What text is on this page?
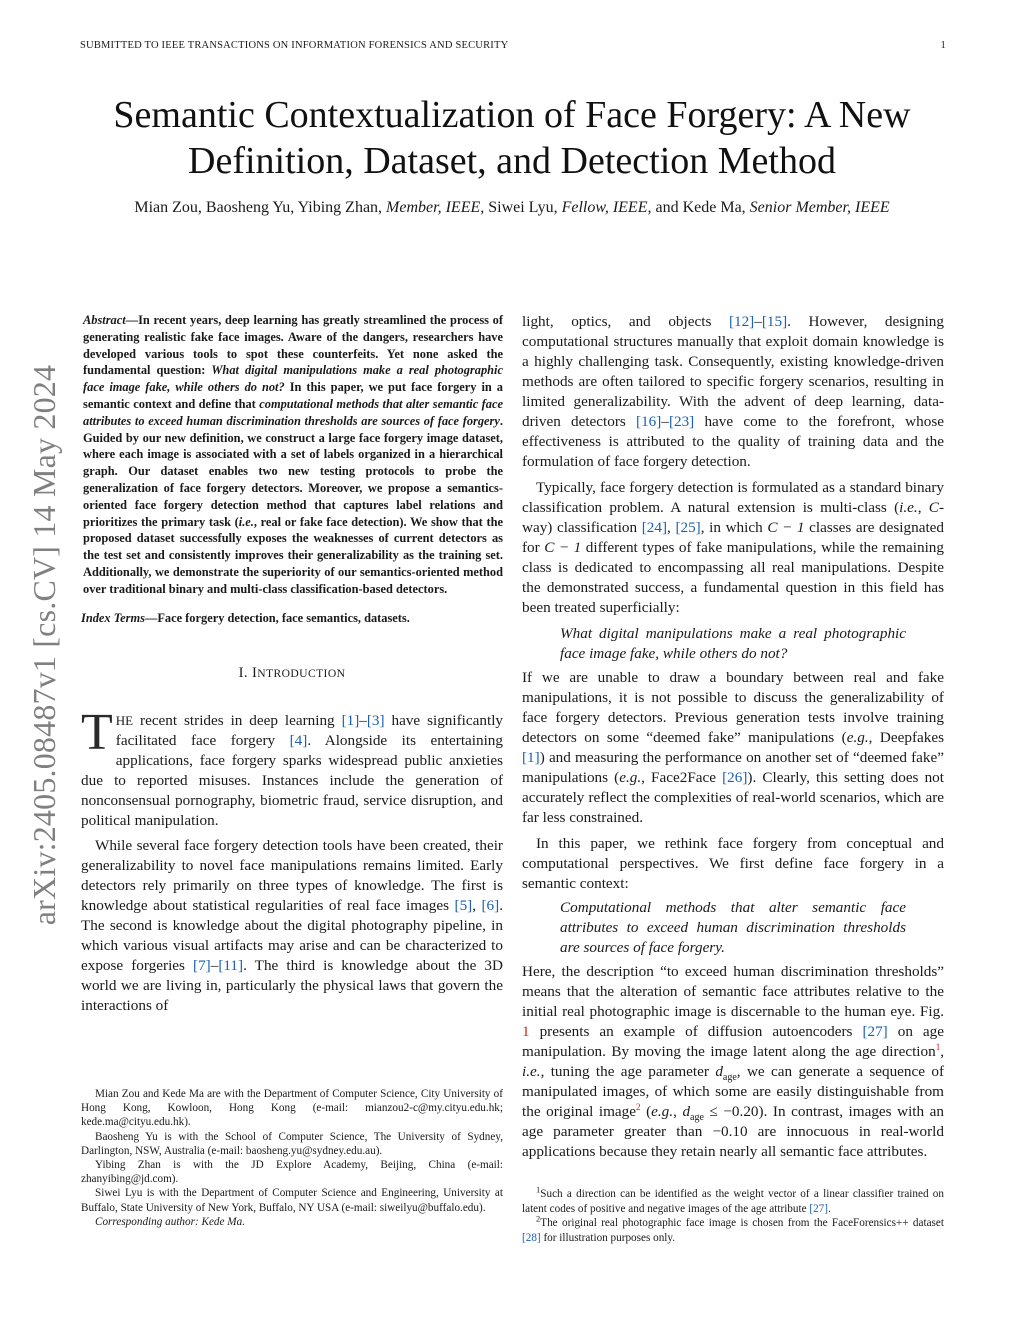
SUBMITTED TO IEEE TRANSACTIONS ON INFORMATION FORENSICS AND SECURITY	1
arXiv:2405.08487v1 [cs.CV] 14 May 2024
Semantic Contextualization of Face Forgery: A New
Definition, Dataset, and Detection Method
Mian Zou, Baosheng Yu, Yibing Zhan, Member, IEEE, Siwei Lyu, Fellow, IEEE, and Kede Ma, Senior Member, IEEE
Abstract—In recent years, deep learning has greatly streamlined the process of generating realistic fake face images. Aware of the dangers, researchers have developed various tools to spot these counterfeits. Yet none asked the fundamental question: What digital manipulations make a real photographic face image fake, while others do not? In this paper, we put face forgery in a semantic context and define that computational methods that alter semantic face attributes to exceed human discrimination thresholds are sources of face forgery. Guided by our new definition, we construct a large face forgery image dataset, where each image is associated with a set of labels organized in a hierarchical graph. Our dataset enables two new testing protocols to probe the generalization of face forgery detectors. Moreover, we propose a semantics-oriented face forgery detection method that captures label relations and prioritizes the primary task (i.e., real or fake face detection). We show that the proposed dataset successfully exposes the weaknesses of current detectors as the test set and consistently improves their generalizability as the training set. Additionally, we demonstrate the superiority of our semantics-oriented method over traditional binary and multi-class classification-based detectors.
Index Terms—Face forgery detection, face semantics, datasets.
I. INTRODUCTION

THE recent strides in deep learning [1]–[3] have significantly facilitated face forgery [4]. Alongside its entertaining applications, face forgery sparks widespread public anxieties due to reported misuses. Instances include the generation of nonconsensual pornography, biometric fraud, service disruption, and political manipulation.

While several face forgery detection tools have been created, their generalizability to novel face manipulations remains limited. Early detectors rely primarily on three types of knowledge. The first is knowledge about statistical regularities of real face images [5], [6]. The second is knowledge about the digital photography pipeline, in which various visual artifacts may arise and can be characterized to expose forgeries [7]–[11]. The third is knowledge about the 3D world we are living in, particularly the physical laws that govern the interactions of

Mian Zou and Kede Ma are with the Department of Computer Science, City University of Hong Kong, Kowloon, Hong Kong (e-mail: mianzou2-c@my.cityu.edu.hk; kede.ma@cityu.edu.hk).

Baosheng Yu is with the School of Computer Science, The University of Sydney, Darlington, NSW, Australia (e-mail: baosheng.yu@sydney.edu.au).

Yibing Zhan is with the JD Explore Academy, Beijing, China (e-mail: zhanyibing@jd.com).

Siwei Lyu is with the Department of Computer Science and Engineering, University at Buffalo, State University of New York, Buffalo, NY USA (e-mail: siweilyu@buffalo.edu).

Corresponding author: Kede Ma.

light, optics, and objects [12]–[15]. However, designing computational structures manually that exploit domain knowledge is a highly challenging task. Consequently, existing knowledge-driven methods are often tailored to specific forgery scenarios, resulting in limited generalizability. With the advent of deep learning, data-driven detectors [16]–[23] have come to the forefront, whose effectiveness is attributed to the quality of training data and the formulation of face forgery detection.

Typically, face forgery detection is formulated as a standard binary classification problem. A natural extension is multi-class (i.e., C-way) classification [24], [25], in which C − 1 classes are designated for C − 1 different types of fake manipulations, while the remaining class is dedicated to encompassing all real manipulations. Despite the demonstrated success, a fundamental question in this field has been treated superficially:

What digital manipulations make a real photographic face image fake, while others do not?

If we are unable to draw a boundary between real and fake manipulations, it is not possible to discuss the generalizability of face forgery detectors. Previous generation tests involve training detectors on some “deemed fake” manipulations (e.g., Deepfakes [1]) and measuring the performance on another set of “deemed fake” manipulations (e.g., Face2Face [26]). Clearly, this setting does not accurately reflect the complexities of real-world scenarios, which are far less constrained.

In this paper, we rethink face forgery from conceptual and computational perspectives. We first define face forgery in a semantic context:

Computational methods that alter semantic face attributes to exceed human discrimination thresholds are sources of face forgery.

Here, the description “to exceed human discrimination thresholds” means that the alteration of semantic face attributes relative to the initial real photographic image is discernable to the human eye. Fig. 1 presents an example of diffusion autoencoders [27] on age manipulation. By moving the image latent along the age direction$^1$, i.e., tuning the age parameter $d_{age}$, we can generate a sequence of manipulated images, of which some are easily distinguishable from the original image$^2$ (e.g., $d_{age} \le -0.20$). In contrast, images with an age parameter greater than −0.10 are innocuous in real-world applications because they retain nearly all semantic face attributes.

$^1$Such a direction can be identified as the weight vector of a linear classifier trained on latent codes of positive and negative images of the age attribute [27].

$^2$The original real photographic face image is chosen from the FaceForensics++ dataset [28] for illustration purposes only.
